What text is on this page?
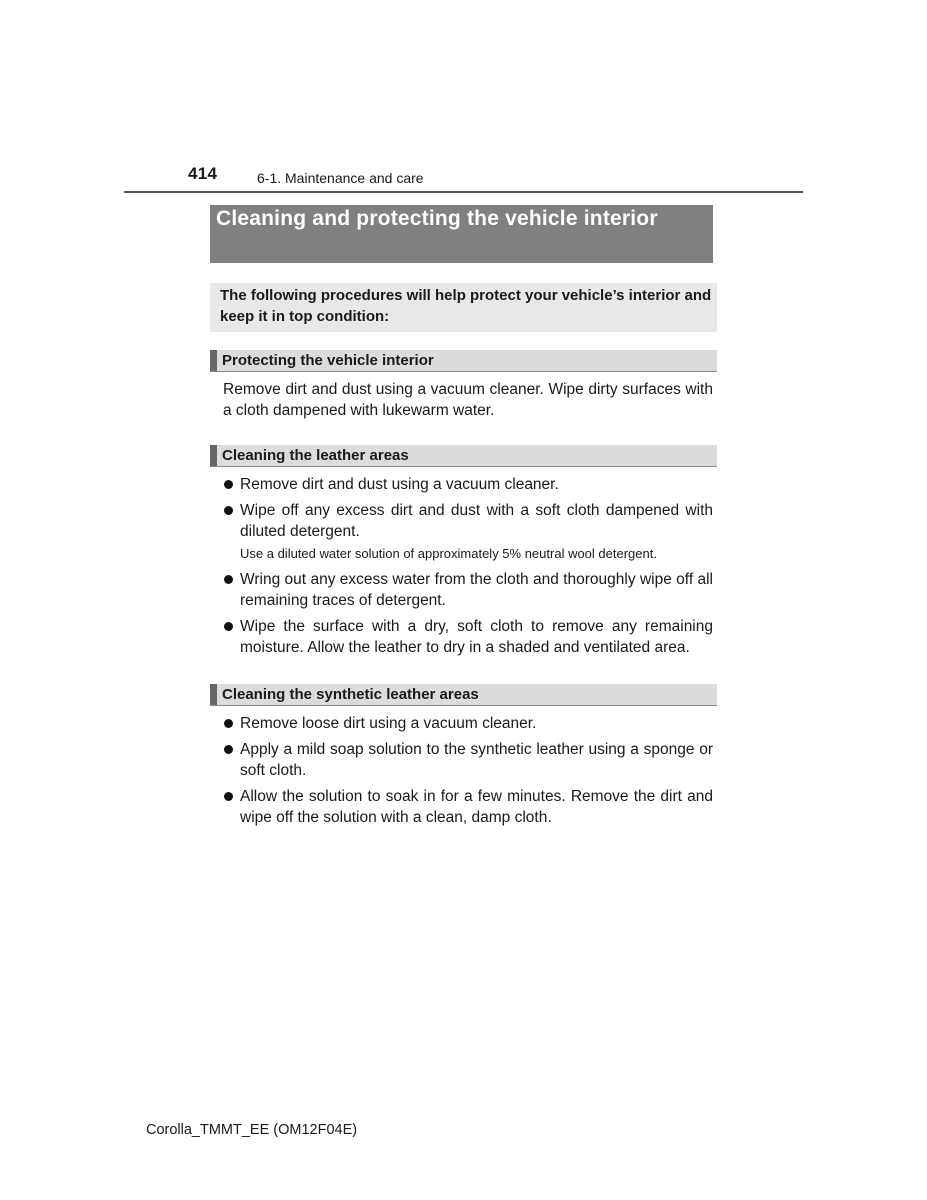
414	6-1. Maintenance and care
Cleaning and protecting the vehicle interior
The following procedures will help protect your vehicle’s interior and keep it in top condition:
Protecting the vehicle interior
Remove dirt and dust using a vacuum cleaner. Wipe dirty surfaces with a cloth dampened with lukewarm water.
Cleaning the leather areas
Remove dirt and dust using a vacuum cleaner.
Wipe off any excess dirt and dust with a soft cloth dampened with diluted detergent.
Use a diluted water solution of approximately 5% neutral wool detergent.
Wring out any excess water from the cloth and thoroughly wipe off all remaining traces of detergent.
Wipe the surface with a dry, soft cloth to remove any remaining moisture. Allow the leather to dry in a shaded and ventilated area.
Cleaning the synthetic leather areas
Remove loose dirt using a vacuum cleaner.
Apply a mild soap solution to the synthetic leather using a sponge or soft cloth.
Allow the solution to soak in for a few minutes. Remove the dirt and wipe off the solution with a clean, damp cloth.
Corolla_TMMT_EE (OM12F04E)
